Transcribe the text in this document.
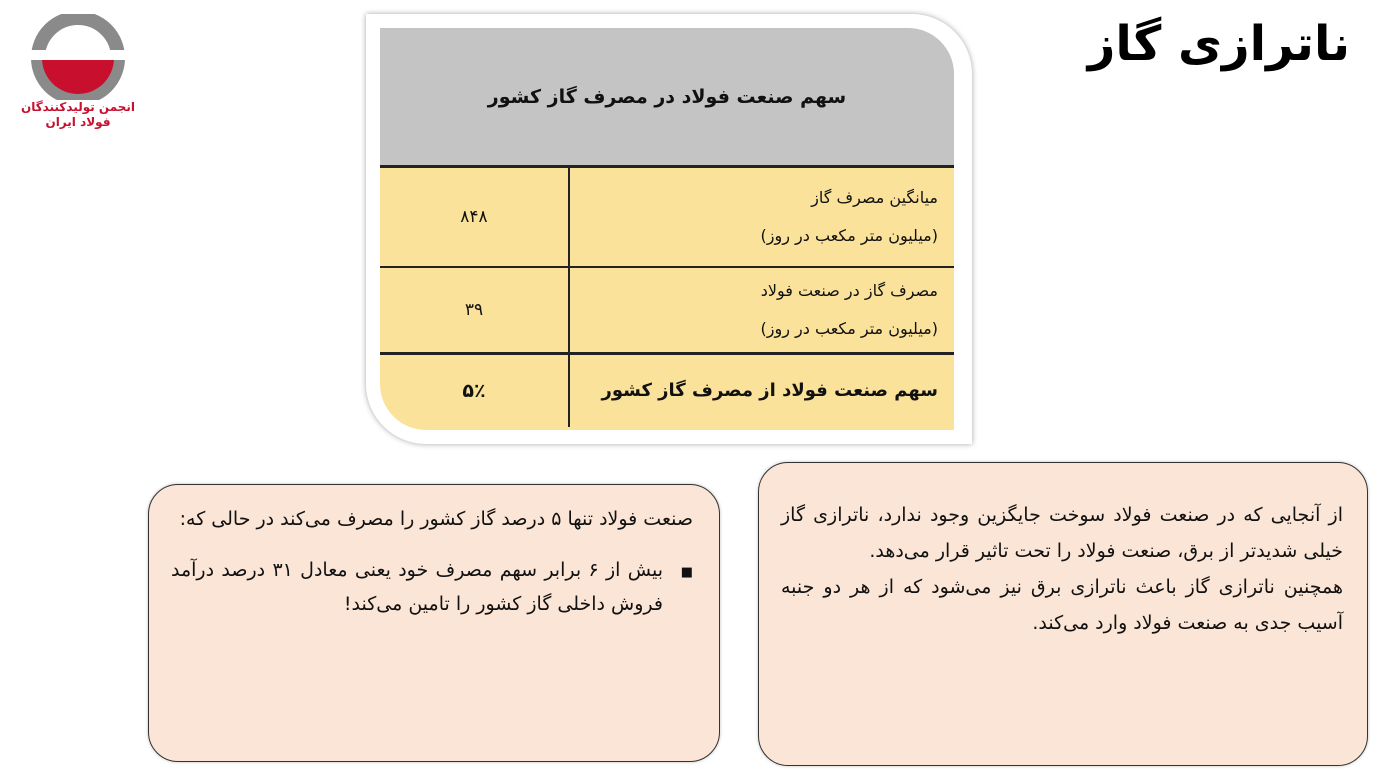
انجمن تولیدکنندگان
فولاد ایران
ناترازی گاز
سهم صنعت فولاد در مصرف گاز کشور
میانگین مصرف گاز
(میلیون متر مکعب در روز)
۸۴۸
مصرف گاز در صنعت فولاد
(میلیون متر مکعب در روز)
۳۹
سهم صنعت فولاد از مصرف گاز کشور
۵٪

صنعت فولاد تنها ۵ درصد گاز کشور را مصرف می‌کند در حالی که:

■
بیش از ۶ برابر سهم مصرف خود یعنی معادل ۳۱ درصد درآمد فروش داخلی گاز کشور را تامین می‌کند!

از آنجایی که در صنعت فولاد سوخت جایگزین وجود ندارد، ناترازی گاز خیلی شدیدتر از برق، صنعت فولاد را تحت تاثیر قرار می‌دهد.

همچنین ناترازی گاز باعث ناترازی برق نیز می‌شود که از هر دو جنبه آسیب جدی به صنعت فولاد وارد می‌کند.
